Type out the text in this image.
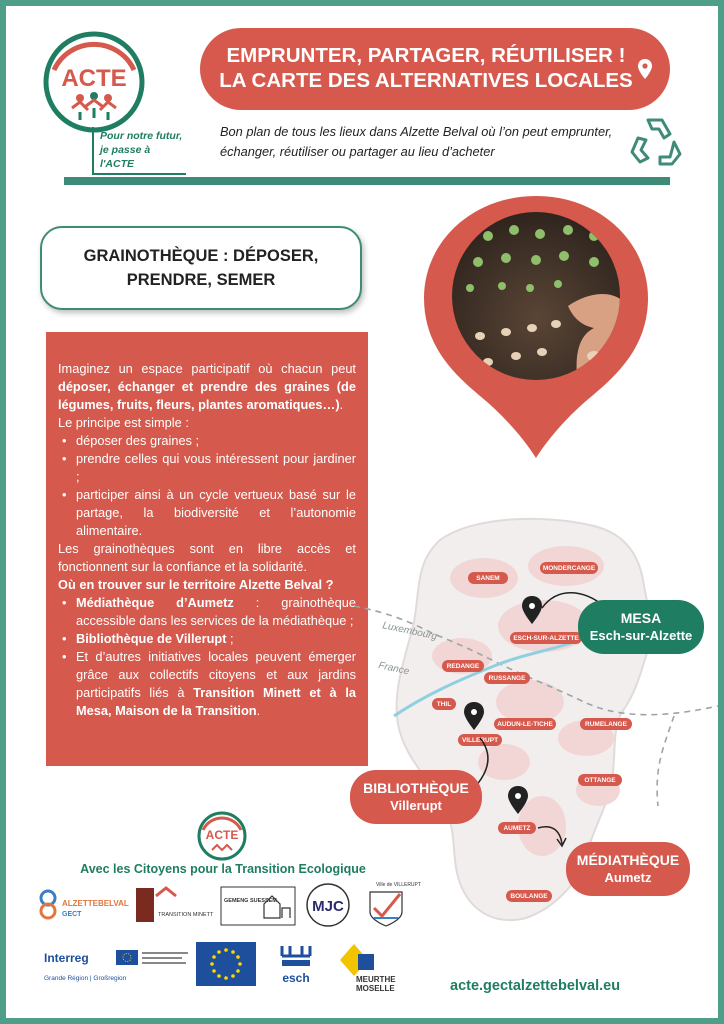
ACTE
Pour notre futur,
je passe à l'ACTE
EMPRUNTER, PARTAGER, RÉUTILISER !
LA CARTE DES ALTERNATIVES LOCALES
Bon plan de tous les lieux dans Alzette Belval où l’on peut emprunter, échanger, réutiliser ou partager au lieu d’acheter
GRAINOTHÈQUE : DÉPOSER,
PRENDRE, SEMER

Imaginez un espace participatif où chacun peut déposer, échanger et prendre des graines (de légumes, fruits, fleurs, plantes aromatiques…).

Le principe est simple :

• déposer des graines ;
• prendre celles qui vous intéressent pour jardiner ;
• participer ainsi à un cycle vertueux basé sur le partage, la biodiversité et l’autonomie alimentaire.

Les grainothèques sont en libre accès et fonctionnent sur la confiance et la solidarité.

Où en trouver sur le territoire Alzette Belval ?

• Médiathèque d’Aumetz : grainothèque accessible dans les services de la médiathèque ;
• Bibliothèque de Villerupt ;
• Et d’autres initiatives locales peuvent émerger grâce aux collectifs citoyens et aux jardins participatifs liés à Transition Minett et à la Mesa, Maison de la Transition.
MONDERCANGE
SANEM
ESCH-SUR-ALZETTE
REDANGE
RUSSANGE
THIL
AUDUN-LE-TICHE
VILLERUPT
RUMELANGE
OTTANGE
AUMETZ
BOULANGE
Luxembourg
France
MESA
Esch-sur-Alzette
BIBLIOTHÈQUE
Villerupt
MÉDIATHÈQUE
Aumetz
ACTE
Avec les Citoyens pour la Transition Ecologique
ALZETTEBELVAL
GECT	TRANSITION MINETT
GEMENG SUESSEM MJC
Ville de VILLERUPT
Interreg
Grande Région | Großregion	esch	MEURTHE
MOSELLE	acte.gectalzettebelval.eu
